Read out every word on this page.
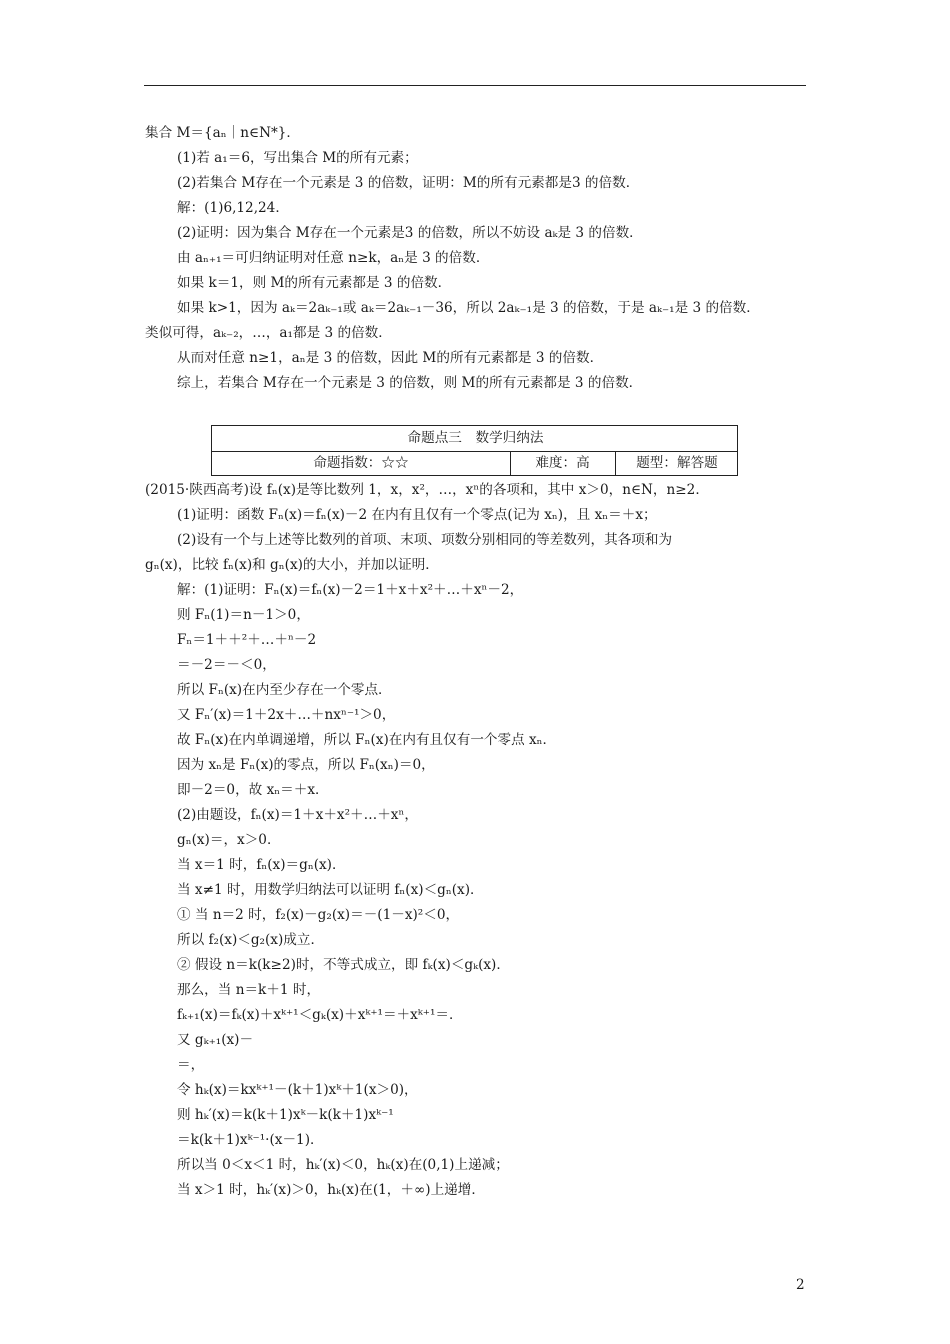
集合 M＝{aₙ｜n∈N*}．
(1)若 a₁＝6，写出集合 M的所有元素；
(2)若集合 M存在一个元素是 3 的倍数，证明：M的所有元素都是3 的倍数．
解：(1)6,12,24．
(2)证明：因为集合 M存在一个元素是3 的倍数，所以不妨设 aₖ是 3 的倍数．
由 aₙ₊₁＝可归纳证明对任意 n≥k，aₙ是 3 的倍数．
如果 k＝1，则 M的所有元素都是 3 的倍数．
如果 k>1，因为 aₖ＝2aₖ₋₁或 aₖ＝2aₖ₋₁－36，所以 2aₖ₋₁是 3 的倍数，于是 aₖ₋₁是 3 的倍数．
类似可得，aₖ₋₂，…，a₁都是 3 的倍数．
从而对任意 n≥1，aₙ是 3 的倍数，因此 M的所有元素都是 3 的倍数．
综上，若集合 M存在一个元素是 3 的倍数，则 M的所有元素都是 3 的倍数．
命题点三　数学归纳法
命题指数：☆☆	难度：高	题型：解答题
(2015·陕西高考)设 fₙ(x)是等比数列 1，x，x²，…，xⁿ的各项和，其中 x＞0，n∈N，n≥2．
(1)证明：函数 Fₙ(x)＝fₙ(x)－2 在内有且仅有一个零点(记为 xₙ)，且 xₙ＝＋x；
(2)设有一个与上述等比数列的首项、末项、项数分别相同的等差数列，其各项和为
gₙ(x)，比较 fₙ(x)和 gₙ(x)的大小，并加以证明．
解：(1)证明：Fₙ(x)＝fₙ(x)－2＝1＋x＋x²＋…＋xⁿ－2，
则 Fₙ(1)＝n－1＞0，
Fₙ＝1＋＋²＋…＋ⁿ－2
＝－2＝－＜0，
所以 Fₙ(x)在内至少存在一个零点．
又 Fₙ′(x)＝1＋2x＋…＋nxⁿ⁻¹＞0，
故 Fₙ(x)在内单调递增，所以 Fₙ(x)在内有且仅有一个零点 xₙ．
因为 xₙ是 Fₙ(x)的零点，所以 Fₙ(xₙ)＝0，
即－2＝0，故 xₙ＝＋x．
(2)由题设，fₙ(x)＝1＋x＋x²＋…＋xⁿ，
gₙ(x)＝，x＞0．
当 x＝1 时，fₙ(x)＝gₙ(x)．
当 x≠1 时，用数学归纳法可以证明 fₙ(x)＜gₙ(x)．
① 当 n＝2 时，f₂(x)－g₂(x)＝－(1－x)²＜0，
所以 f₂(x)＜g₂(x)成立．
② 假设 n＝k(k≥2)时，不等式成立，即 fₖ(x)＜gₖ(x)．
那么，当 n＝k＋1 时，
fₖ₊₁(x)＝fₖ(x)＋xᵏ⁺¹＜gₖ(x)＋xᵏ⁺¹＝＋xᵏ⁺¹＝．
又 gₖ₊₁(x)－
＝，
令 hₖ(x)＝kxᵏ⁺¹－(k＋1)xᵏ＋1(x＞0)，
则 hₖ′(x)＝k(k＋1)xᵏ－k(k＋1)xᵏ⁻¹
＝k(k＋1)xᵏ⁻¹·(x－1)．
所以当 0＜x＜1 时，hₖ′(x)＜0，hₖ(x)在(0,1)上递减；
当 x＞1 时，hₖ′(x)＞0，hₖ(x)在(1，＋∞)上递增．
2
